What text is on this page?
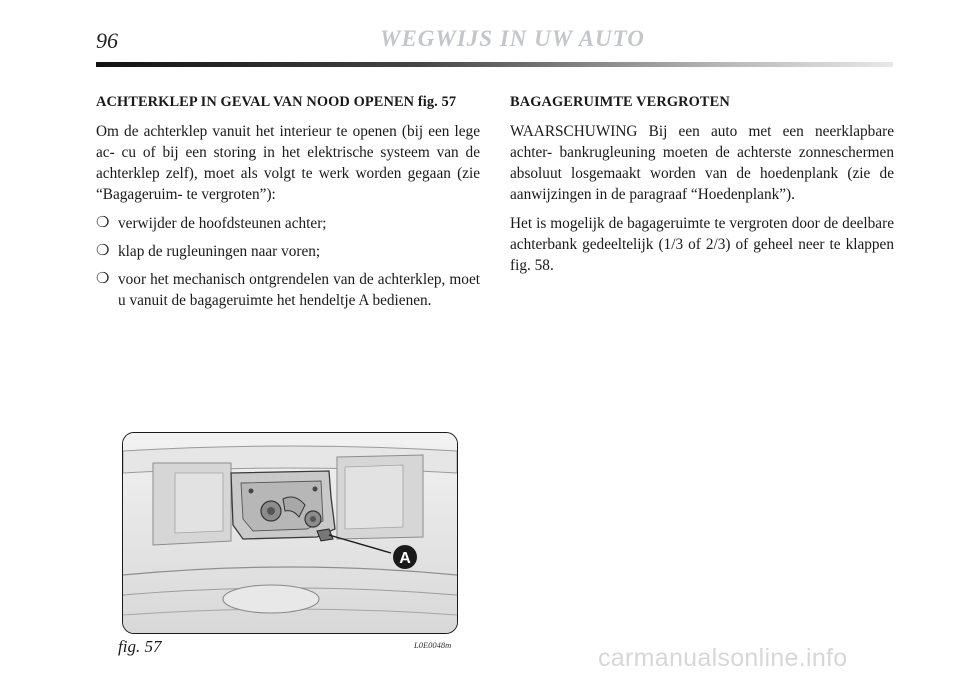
96	WEGWIJS IN UW AUTO
ACHTERKLEP IN GEVAL VAN NOOD OPENEN fig. 57

Om de achterklep vanuit het interieur te openen (bij een lege ac- cu of bij een storing in het elektrische systeem van de achterklep zelf), moet als volgt te werk worden gegaan (zie “Bagageruim- te vergroten”):

❍ verwijder de hoofdsteunen achter;
❍ klap de rugleuningen naar voren;
❍ voor het mechanisch ontgrendelen van de achterklep, moet u vanuit de bagageruimte het hendeltje A bedienen.
BAGAGERUIMTE VERGROTEN

WAARSCHUWING Bij een auto met een neerklapbare achter- bankrugleuning moeten de achterste zonneschermen absoluut losgemaakt worden van de hoedenplank (zie de aanwijzingen in de paragraaf “Hoedenplank”).

Het is mogelijk de bagageruimte te vergroten door de deelbare achterbank gedeeltelijk (1/3 of 2/3) of geheel neer te klappen fig. 58.

A
fig. 57	L0E0048m	carmanualsonline.info
